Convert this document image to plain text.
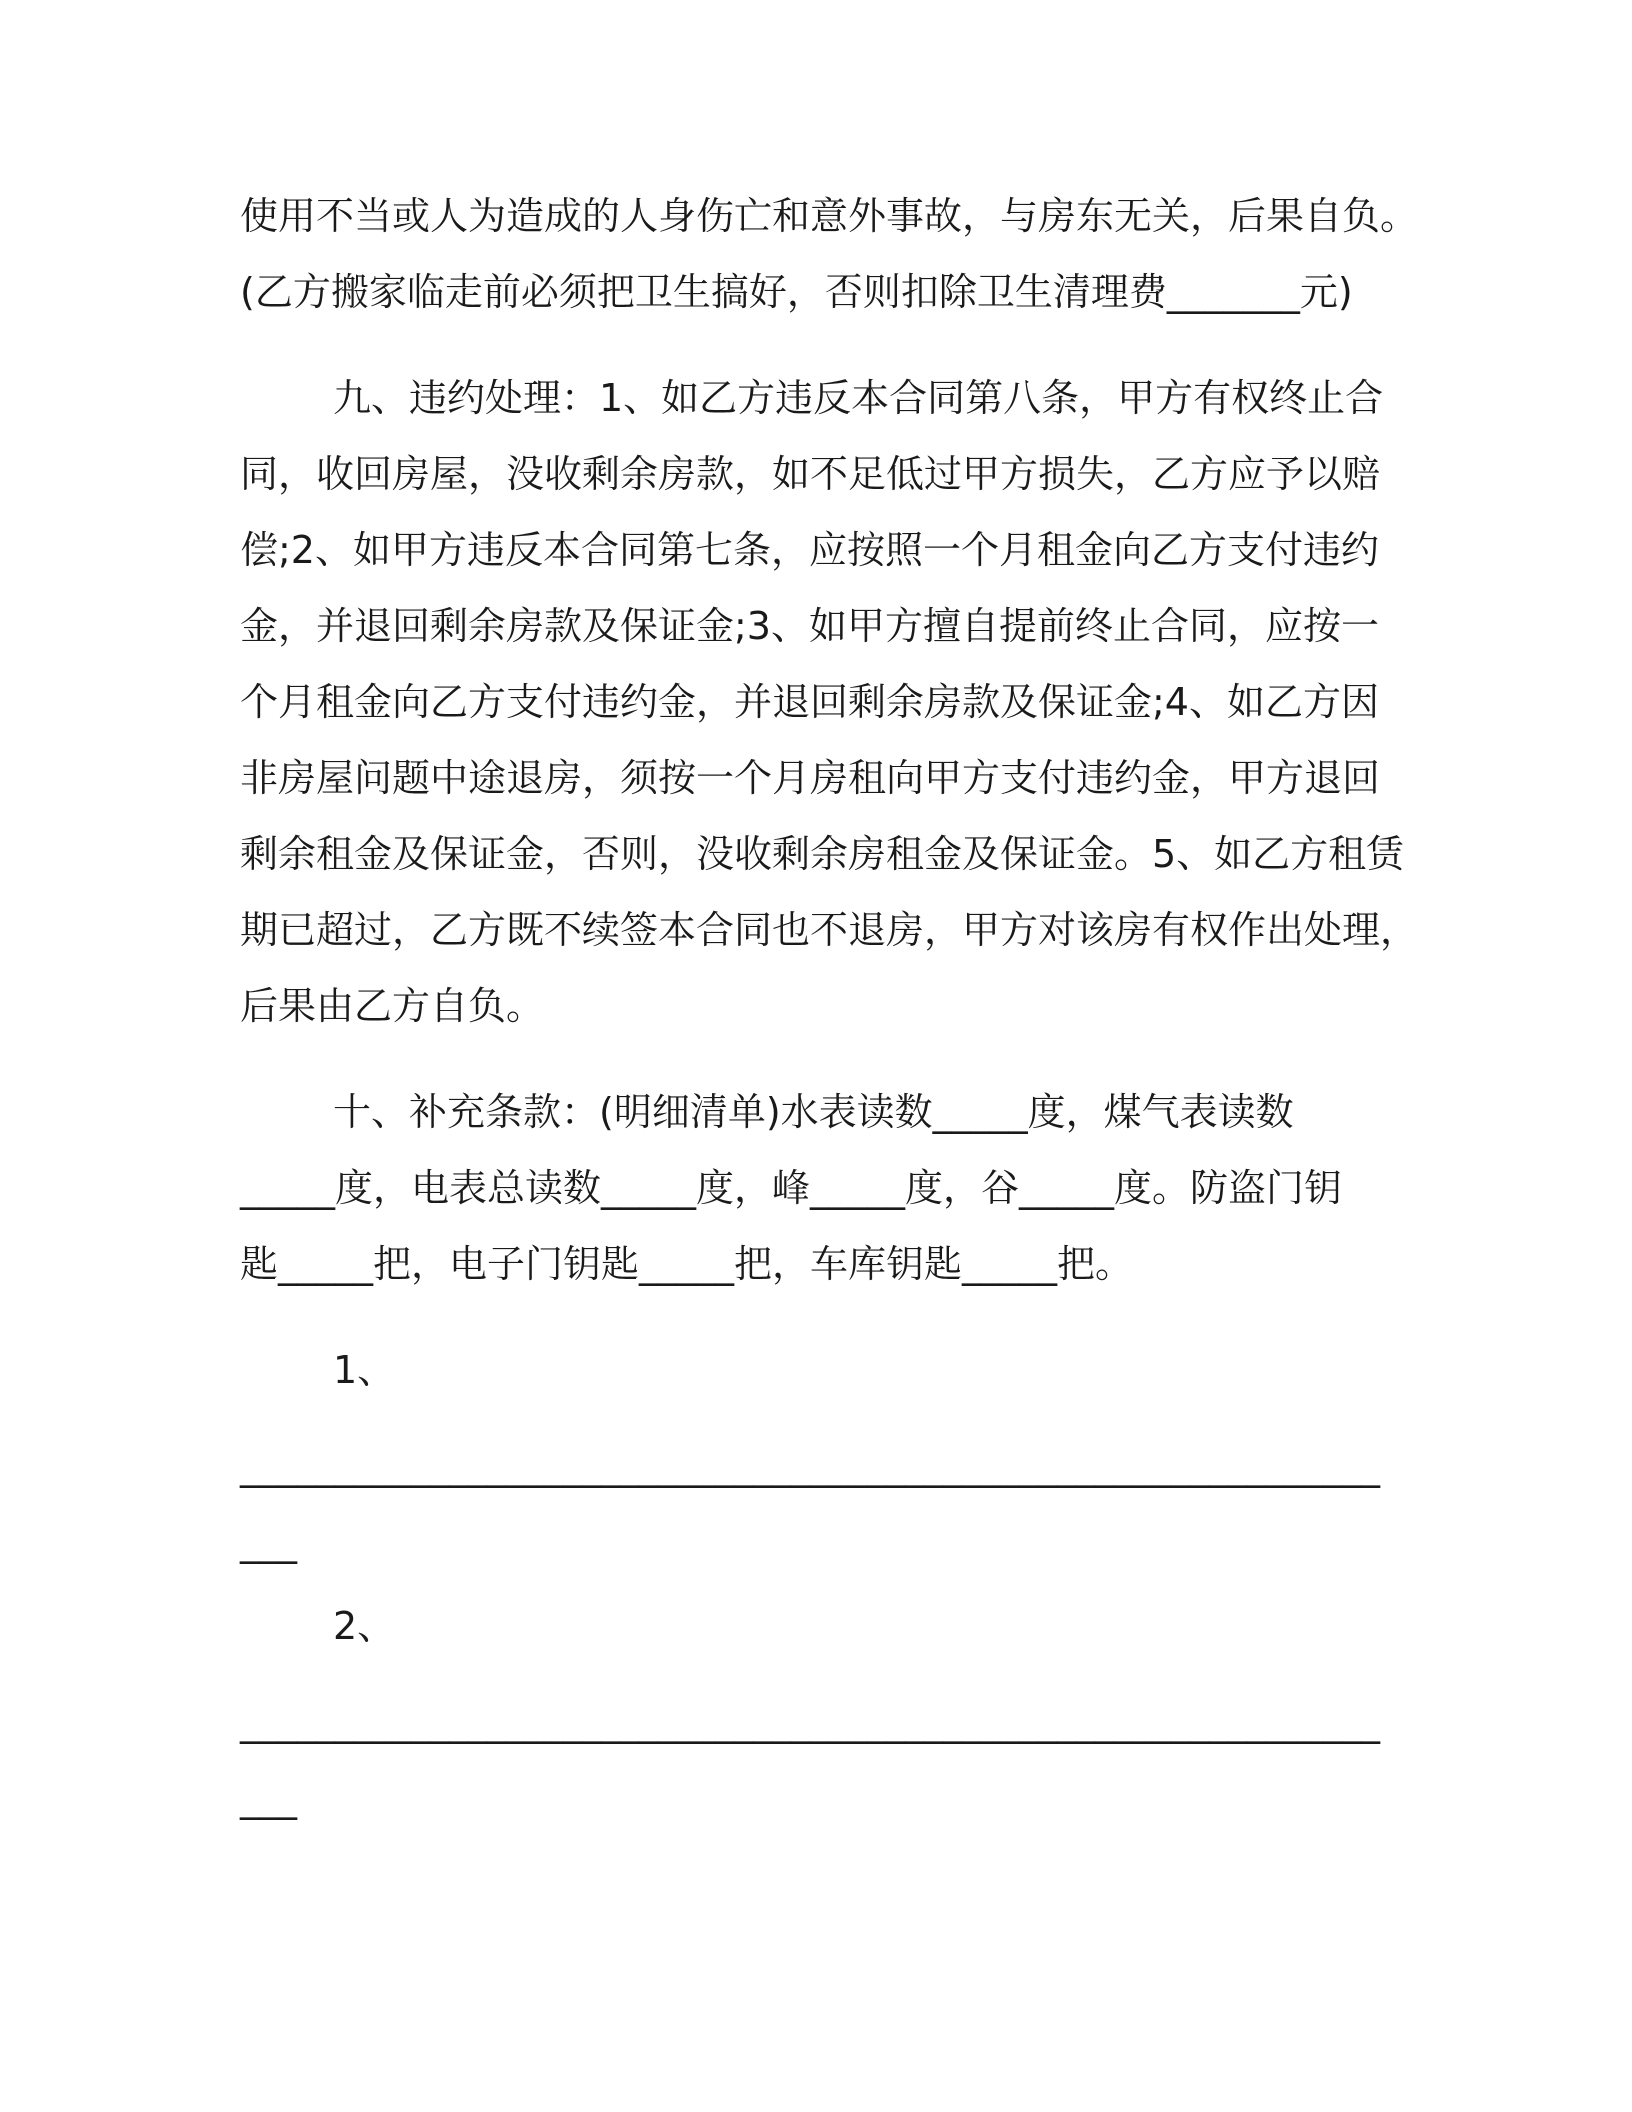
使用不当或人为造成的人身伤亡和意外事故，与房东无关，后果自负。
(乙方搬家临走前必须把卫生搞好，否则扣除卫生清理费_______元)
九、违约处理：1、如乙方违反本合同第八条，甲方有权终止合
同，收回房屋，没收剩余房款，如不足低过甲方损失，乙方应予以赔
偿;2、如甲方违反本合同第七条，应按照一个月租金向乙方支付违约
金，并退回剩余房款及保证金;3、如甲方擅自提前终止合同，应按一
个月租金向乙方支付违约金，并退回剩余房款及保证金;4、如乙方因
非房屋问题中途退房，须按一个月房租向甲方支付违约金，甲方退回
剩余租金及保证金，否则，没收剩余房租金及保证金。5、如乙方租赁
期已超过，乙方既不续签本合同也不退房，甲方对该房有权作出处理，
后果由乙方自负。
十、补充条款：(明细清单)水表读数_____度，煤气表读数
_____度，电表总读数_____度，峰_____度，谷_____度。防盗门钥
匙_____把，电子门钥匙_____把，车库钥匙_____把。
1、
____________________________________________________________
___
2、
____________________________________________________________
___
